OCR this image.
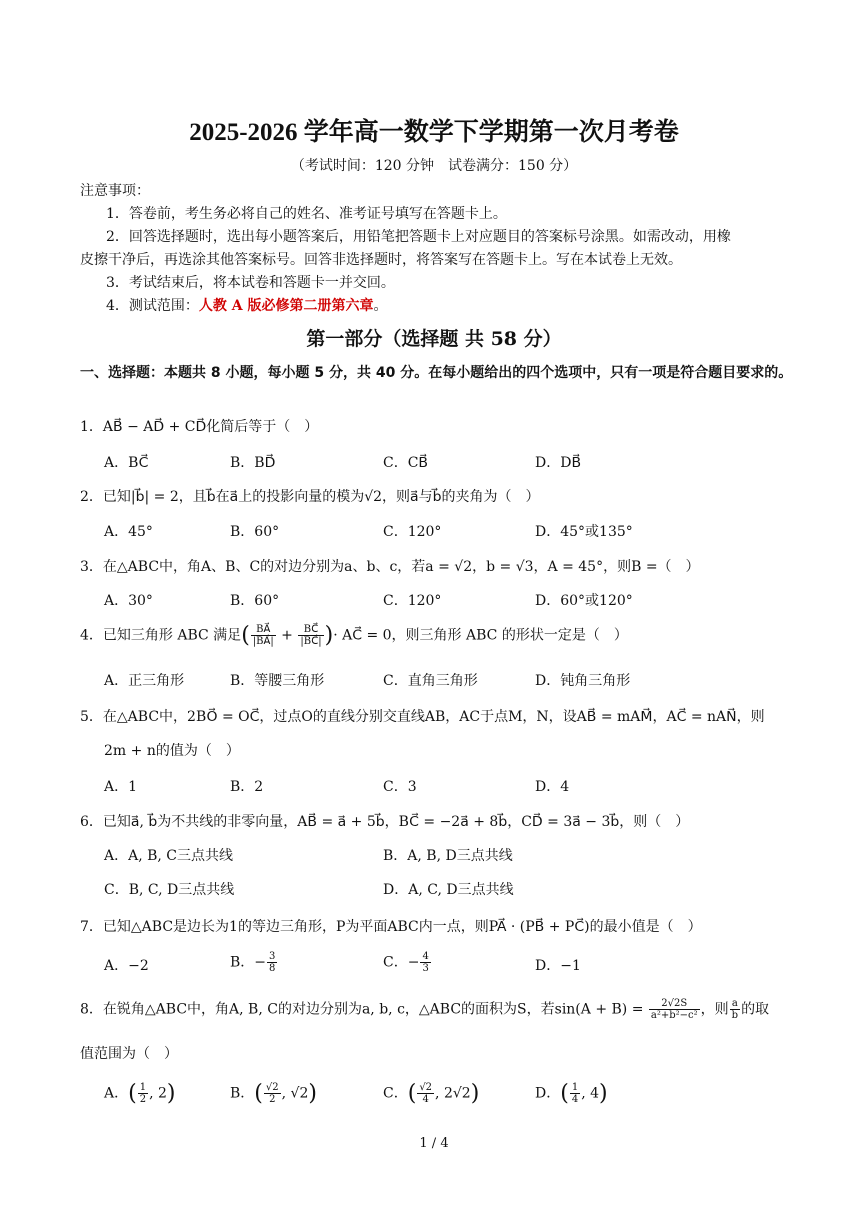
2025-2026 学年高一数学下学期第一次月考卷
（考试时间：120 分钟　试卷满分：150 分）
注意事项：
1．答卷前，考生务必将自己的姓名、准考证号填写在答题卡上。
2．回答选择题时，选出每小题答案后，用铅笔把答题卡上对应题目的答案标号涂黑。如需改动，用橡
皮擦干净后，再选涂其他答案标号。回答非选择题时，将答案写在答题卡上。写在本试卷上无效。
3．考试结束后，将本试卷和答题卡一并交回。
4．测试范围：人教 A 版必修第二册第六章。
第一部分（选择题 共 58 分）
一、选择题：本题共 8 小题，每小题 5 分，共 40 分。在每小题给出的四个选项中，只有一项是符合题目要求的。
1．AB⃗ − AD⃗ + CD⃗化简后等于（　）
A．BC⃗	B．BD⃗	C．CB⃗	D．DB⃗
2．已知|b⃗| = 2，且b⃗在a⃗上的投影向量的模为√2，则a⃗与b⃗的夹角为（　）
A．45°	B．60°	C．120°	D．45°或135°
3．在△ABC中，角A、B、C的对边分别为a、b、c，若a = √2，b = √3，A = 45°，则B =（　）
A．30°	B．60°	C．120°	D．60°或120°
4．已知三角形 ABC 满足( $\frac{BA⃗}{|BA⃗|} + \frac{BC⃗}{|BC⃗|}$ )· AC⃗ = 0，则三角形 ABC 的形状一定是（　）
A．正三角形	B．等腰三角形	C．直角三角形	D．钝角三角形
5．在△ABC中，2BO⃗ = OC⃗，过点O的直线分别交直线AB，AC于点M，N，设AB⃗ = mAM⃗，AC⃗ = nAN⃗，则
2m + n的值为（　）
A．1	B．2	C．3	D．4
6．已知a⃗, b⃗为不共线的非零向量，AB⃗ = a⃗ + 5b⃗，BC⃗ = −2a⃗ + 8b⃗，CD⃗ = 3a⃗ − 3b⃗，则（　）
A．A, B, C三点共线	B．A, B, D三点共线
C．B, C, D三点共线	D．A, C, D三点共线
7．已知△ABC是边长为1的等边三角形，P为平面ABC内一点，则PA⃗ · (PB⃗ + PC⃗)的最小值是（　）
A．−2	B．− $\frac{3}{8}$	C．− $\frac{4}{3}$	D．−1
8．在锐角△ABC中，角A, B, C的对边分别为a, b, c，△ABC的面积为S，若$\sin(A + B) = \frac{2√2S}{\text{a²+b²−c²}}$ ，则 $\frac{a}{b}$ 的取
值范围为（　）
A．( $\frac{1}{2}$ , 2)	B．( $\frac{√2}{2}$ , √2)	C．( $\frac{√2}{4}$ , 2√2)	D．( $\frac{1}{4}$ , 4)
1 / 4
